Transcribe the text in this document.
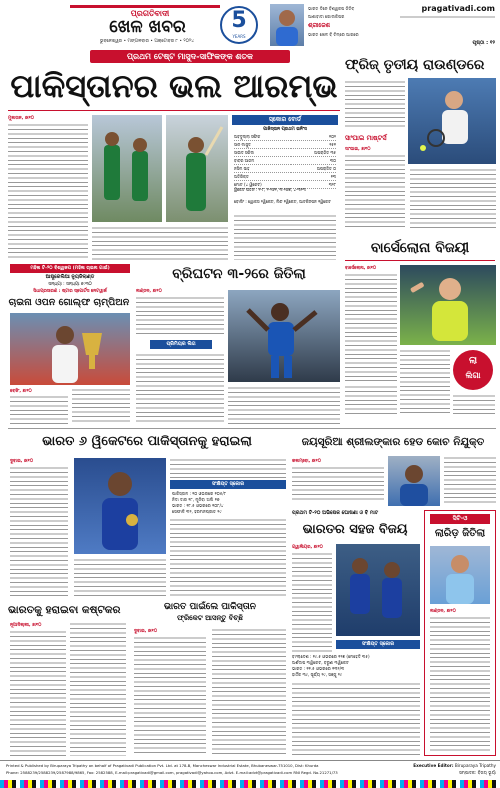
ପ୍ରଗତିବାଦୀ
ଖେଳ ଖବର
ଭୁବନେଶ୍ୱର • ମଙ୍ଗଳବାର • ଅକ୍ଟୋବର ୮ • ୨୦୨୪
5
YEARS
ଭାରତ ଦିନେ ବିଶ୍ୱକପ ଜିତିବ
ଆଶାବାଦୀ ଗୋଲକିପର
ଶ୍ରୀଜେଶ
ଭାରତ ଖେଳ ବି ଟିମ୍‌ରେ ଆଗରେ
pragativadi.com
ପୃଷ୍ଠା : ୧୨
ପ୍ରଥମ ଟେଷ୍ଟ ମାସୁଦ-ସାଫିକଙ୍କ ଶତକ
ପାକିସ୍ତାନର ଭଲ ଆରମ୍ଭ
ମୁଲତାନ, ୭ା୧୦	ସ୍କୋର ବୋର୍ଡ
ପାକିସ୍ତାନ ପ୍ରଥମ ଇନିଂସ
ଅବଦୁଲ୍ଲା ସଫିକ	୧୦୨
ସାନ ମାସୁଦ	୧୫୧
ସାଉଦ ସକିଲ	ଅପରାଜିତ ୩୫
ବାବର ଆଜମ	୩୦
ନସିମ ସାହ	ଅପରାଜିତ ୦
ଅତିରିକ୍ତ	୧୩
ମୋଟ (୪ ୱିକେଟ)	୩୨୮
ୱିକେଟ ପତନ : ୧-୮, ୨-୨୬୧, ୩-୨୬୭, ୪-୩୨୩
ବୋଲିଂ : ୱୋକସ ୨ୱିକେଟ, ଲିଚ ୧ୱିକେଟ, ଆଟକିନସନ ୧ୱିକେଟ
ଫ୍ରିଜ୍ ତୃତୀୟ ରାଉଣ୍ଡରେ
ସାଂଘାଇ ମାଷ୍ଟର୍ସ
ସାଂଘାଇ, ୭ା୧୦
ବାର୍ସେଲୋନା ବିଜୟୀ
ବାର୍ସେଲୋନା, ୭ା୧୦
ଲା
ଲିଗା
ମହିଳା ଟି-୨୦ ବିଶ୍ୱକପ (ମହିଳା ଚାଇନା ଗାଇଁ)
ଆଷ୍ଟ୍ରେଲିଆ ନ୍ୟୁଜିଲାଣ୍ଡ
ସନ୍ଧ୍ୟା : ସନ୍ଧ୍ୟା ୭:୩୦
ସିଧାପ୍ରସାରଣ : ଷ୍ଟାର ସ୍ପୋର୍ଟସ ନେଟୱାର୍କ
ଚାଇନା ଓପନ ଗୋଲ୍ଫ ଚାମ୍ପିଅନ
ବେଜିଂ, ୭ା୧୦
ବ୍ରିଘଟନ ୩-୨ରେ ଜିତିଲା
ଲଣ୍ଡନ, ୭ା୧୦
ପ୍ରିମିୟର ଲିଗ
ଭାରତ ୬ ୱିକେଟରେ ପାକିସ୍ତାନକୁ ହରାଇଲା
ଦୁବାଇ, ୭ା୧୦
ସଂକ୍ଷିପ୍ତ ସ୍କୋର
ପାକିସ୍ତାନ : ୨୦ ଓଭରରେ ୧୦୫/୮
ନିଦା ଦାର ୨୮, ମୁନିବା ଅଲି ୧୭
ଭାରତ : ୧୮.୫ ଓଭରରେ ୧୦୮/୪
ସେଫାଳି ୩୨, ହରମନପ୍ରୀତ ୨୯
ଭାରତକୁ ହରାଇବା କଷ୍ଟକର
ନୂଆଦିଲ୍ଲୀ, ୭ା୧୦
ଭାରତ ପାଇଁଲେ ପାକିସ୍ତାନ
ଫ୍ରିକେଟ ଆସନ୍ତୁ ବିଚ୍ଛି
ଦୁବାଇ, ୭ା୧୦
ଜୟସୂରିଆ ଶ୍ରୀଲଙ୍କାର ହେଡ କୋଚ ନିଯୁକ୍ତ
କଲମ୍ବୋ, ୭ା୧୦
ପ୍ରଥମ ଟି-୨୦ ଅଭିଷେକ ଘୋଷଣା ଓ ବି ମାଟ
ଭାରତର ସହଜ ବିଜୟ
ଗ୍ୱାଲିୟର, ୭ା୧୦
ସଂକ୍ଷିପ୍ତ ସ୍କୋର
ବାଂଲାଦେଶ : ୧୯.୫ ଓଭରରେ ୧୨୭ (ମେହେଦି ୩୫)
ଅର୍ଶଦୀପ ୩ୱିକେଟ, ବରୁଣ ୩ୱିକେଟ
ଭାରତ : ୧୧.୫ ଓଭରରେ ୧୩୨/୩
ହାର୍ଦ୍ଦିକ ୩୯, ସୂର୍ଯ୍ୟ ୨୯, ସଞ୍ଜୁ ୨୯
ସିଟି-ଓ
ଲାରିଡ଼ ଜିତିଲା
ଲଣ୍ଡନ, ୭ା୧୦
Printed & Published by Biruparaya Tripathy on behalf of Pragativadi Publication Pvt. Ltd. at 178-B, Mancheswar Industrial Estate, Bhubaneswar-751010, Dist: Khurda
Phone: 2588239/2588239/2587988/9865, Fax: 2582588, E-mail:pragativadi@gmail.com, pragativadi@yahoo.com, Advt. E-mail:advt@pragativadi.com RNI Regd. No.21271/73
Executive Editor: Biruparaya Tripathy
ସମ୍ପାଦକ: ବିଜୟ ଭୂୟାଁ
